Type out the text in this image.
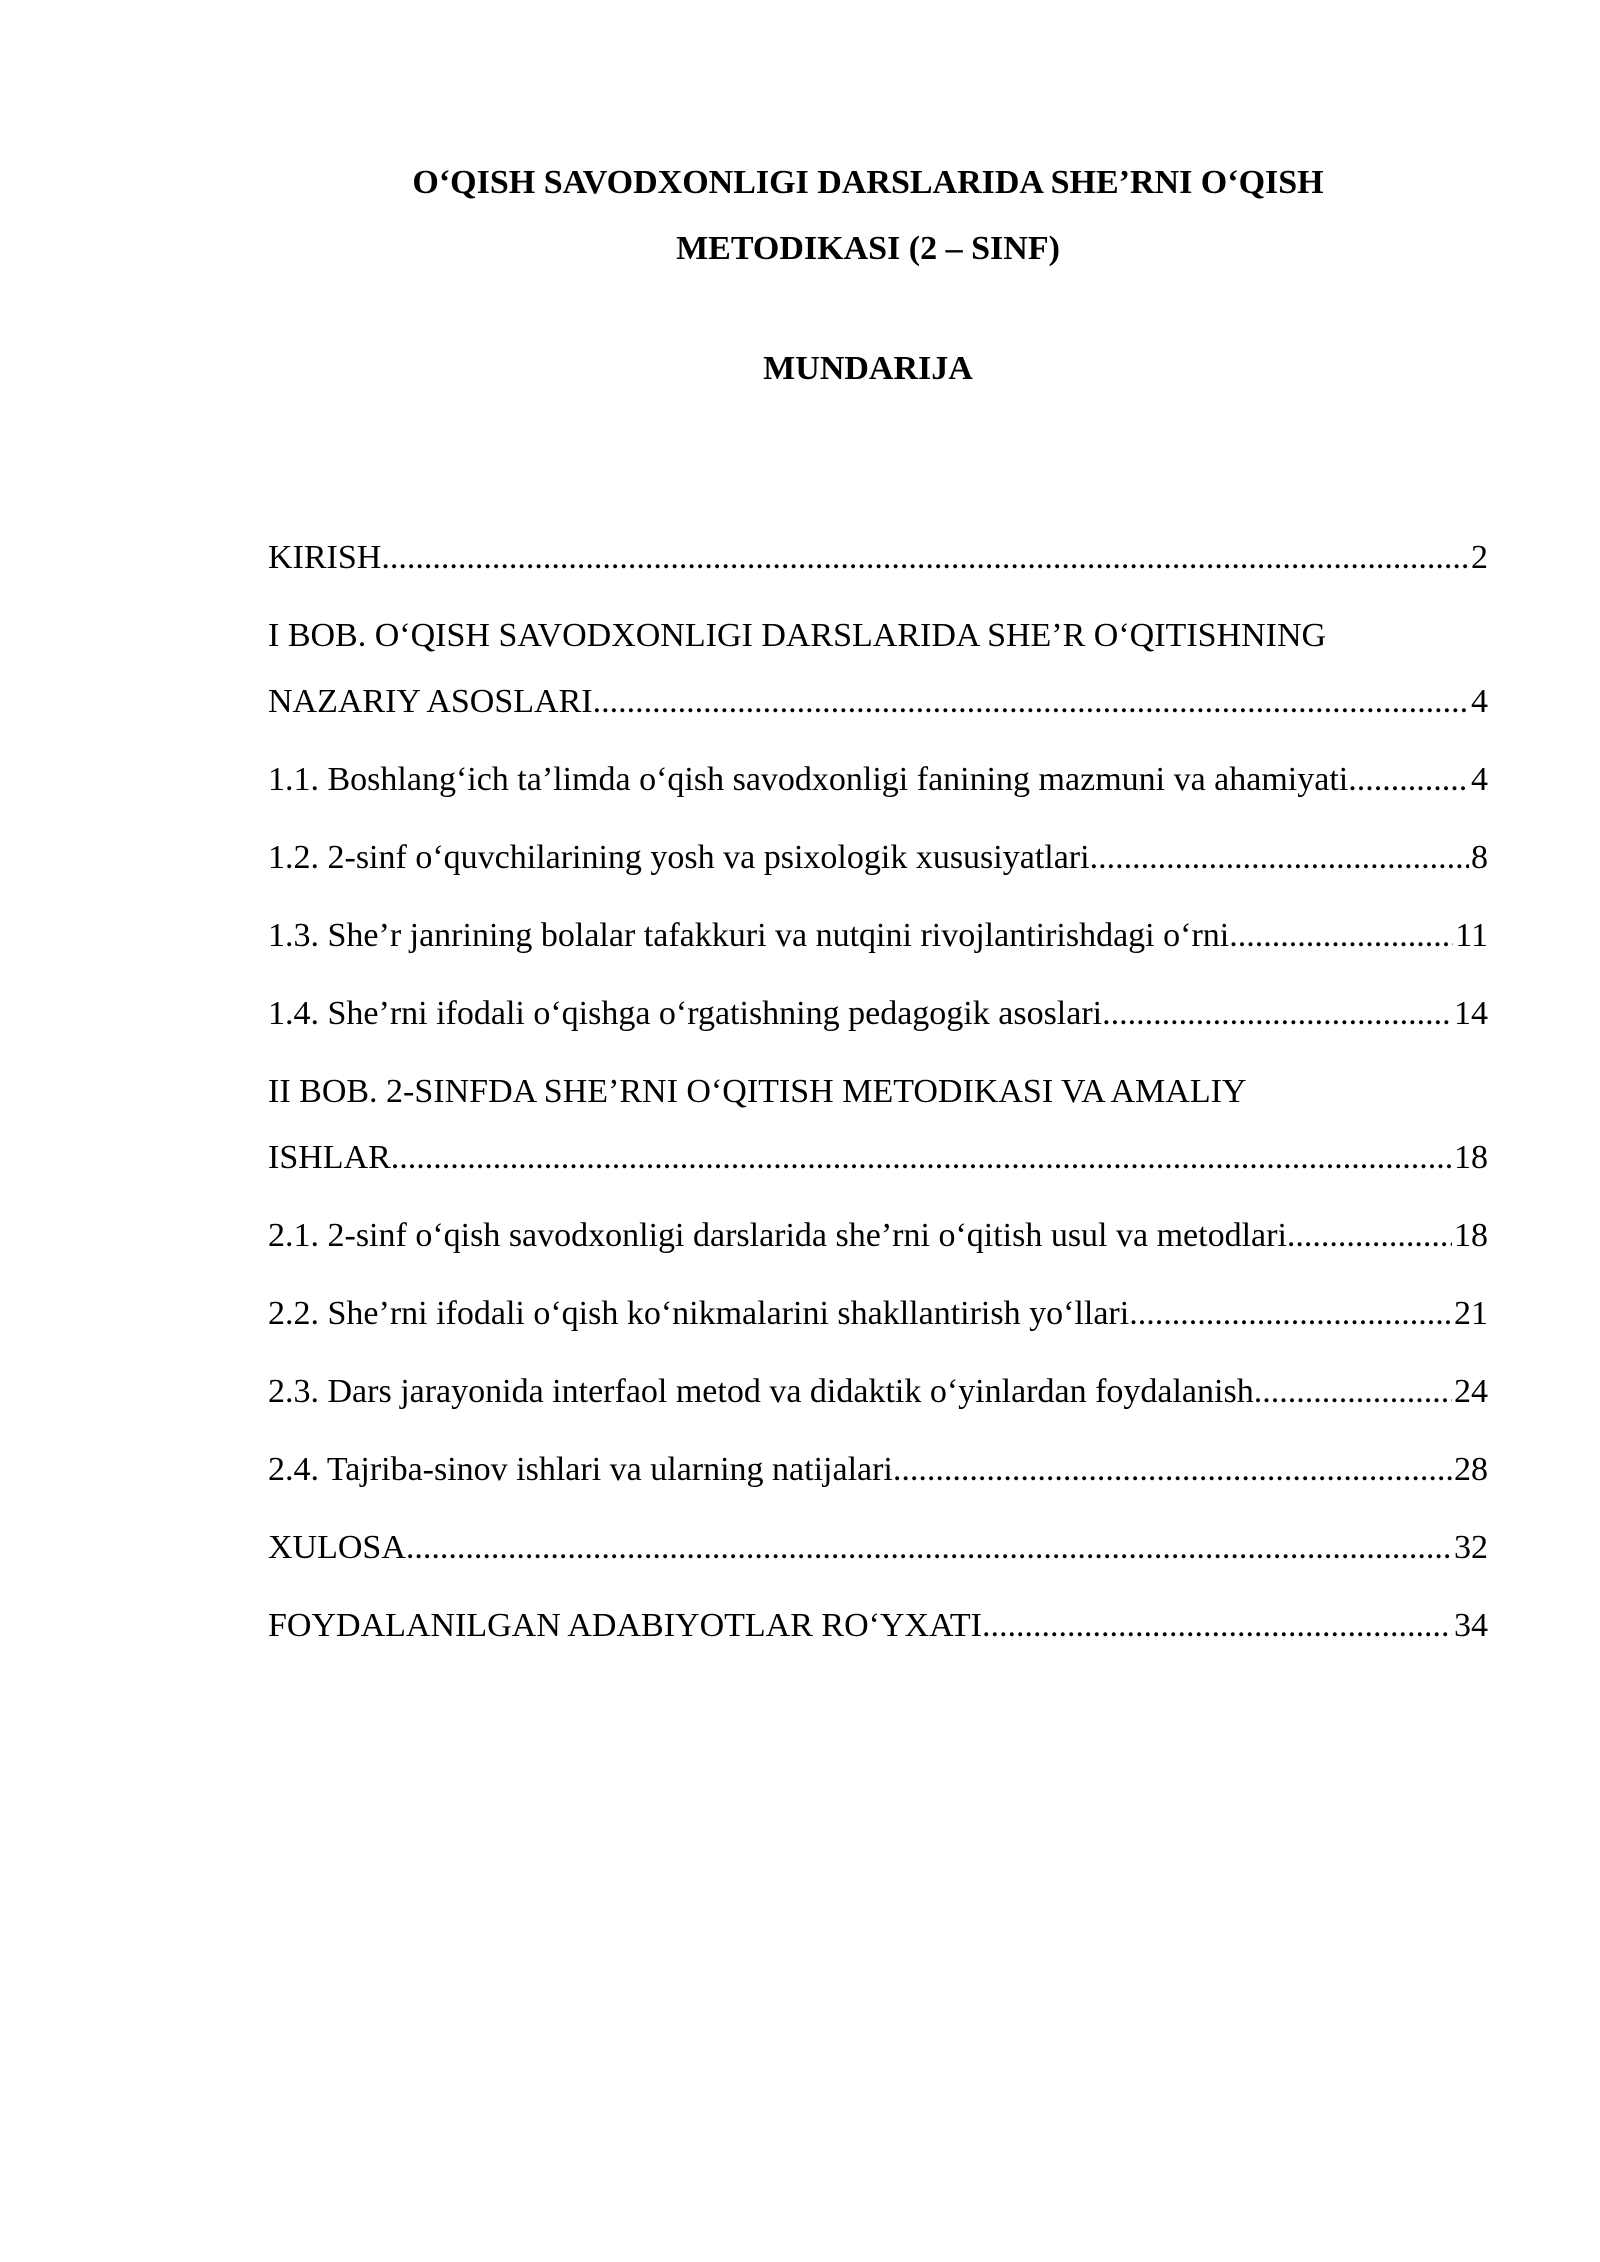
O‘QISH SAVODXONLIGI DARSLARIDA SHE’RNI O‘QISH
METODIKASI (2 – SINF)
MUNDARIJA
KIRISH .....	2
I BOB. O‘QISH SAVODXONLIGI DARSLARIDA SHE’R O‘QITISHNING
NAZARIY ASOSLARI .....	4
1.1. Boshlang‘ich ta’limda o‘qish savodxonligi fanining mazmuni va ahamiyati .....	4
1.2. 2-sinf o‘quvchilarining yosh va psixologik xususiyatlari .....	8
1.3. She’r janrining bolalar tafakkuri va nutqini rivojlantirishdagi o‘rni .....	11
1.4. She’rni ifodali o‘qishga o‘rgatishning pedagogik asoslari .....	14
II BOB. 2-SINFDA SHE’RNI O‘QITISH METODIKASI VA AMALIY
ISHLAR .....	18
2.1. 2-sinf o‘qish savodxonligi darslarida she’rni o‘qitish usul va metodlari .....	18
2.2. She’rni ifodali o‘qish ko‘nikmalarini shakllantirish yo‘llari .....	21
2.3. Dars jarayonida interfaol metod va didaktik o‘yinlardan foydalanish .....	24
2.4. Tajriba-sinov ishlari va ularning natijalari .....	28
XULOSA .....	32
FOYDALANILGAN ADABIYOTLAR RO‘YXATI .....	34
